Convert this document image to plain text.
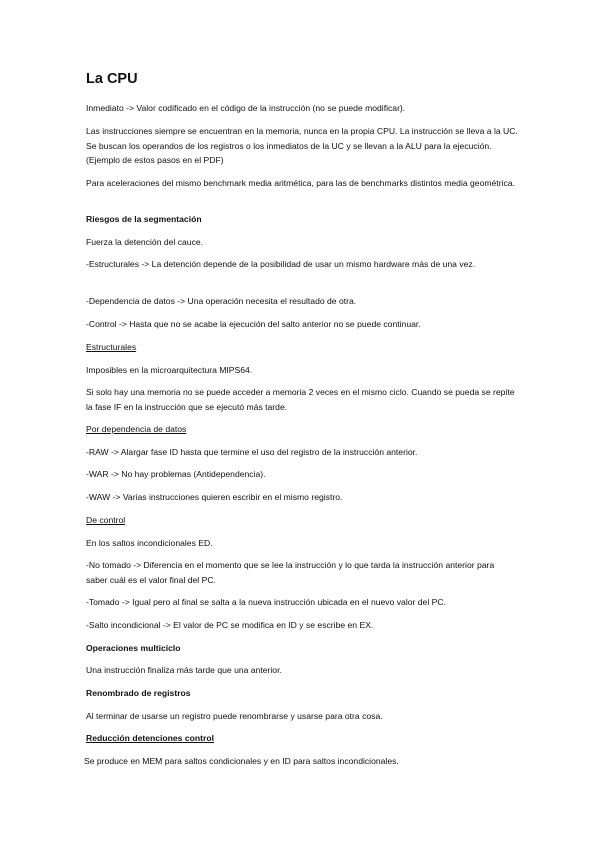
La CPU

Inmediato -> Valor codificado en el código de la instrucción (no se puede modificar).

Las instrucciones siempre se encuentran en la memoria, nunca en la propia CPU. La instrucción se lleva a la UC. Se buscan los operandos de los registros o los inmediatos de la UC y se llevan a la ALU para la ejecución. (Ejemplo de estos pasos en el PDF)

Para aceleraciones del mismo benchmark media aritmética, para las de benchmarks distintos media geométrica.

Riesgos de la segmentación

Fuerza la detención del cauce.

-Estructurales -> La detención depende de la posibilidad de usar un mismo hardware más de una vez.

-Dependencia de datos -> Una operación necesita el resultado de otra.

-Control -> Hasta que no se acabe la ejecución del salto anterior no se puede continuar.

Estructurales

Imposibles en la microarquitectura MIPS64.

Si solo hay una memoria no se puede acceder a memoria 2 veces en el mismo ciclo. Cuando se pueda se repite la fase IF en la instrucción que se ejecutó más tarde.

Por dependencia de datos

-RAW -> Alargar fase ID hasta que termine el uso del registro de la instrucción anterior.

-WAR -> No hay problemas (Antidependencia).

-WAW -> Varias instrucciones quieren escribir en el mismo registro.

De control

En los saltos incondicionales ED.

-No tomado -> Diferencia en el momento que se lee la instrucción y lo que tarda la instrucción anterior para saber cuál es el valor final del PC.

-Tomado -> Igual pero al final se salta a la nueva instrucción ubicada en el nuevo valor del PC.

-Salto incondicional -> El valor de PC se modifica en ID y se escribe en EX.

Operaciones multiciclo

Una instrucción finaliza más tarde que una anterior.

Renombrado de registros

Al terminar de usarse un registro puede renombrarse y usarse para otra cosa.

Reducción detenciones control

Se produce en MEM para saltos condicionales y en ID para saltos incondicionales.
